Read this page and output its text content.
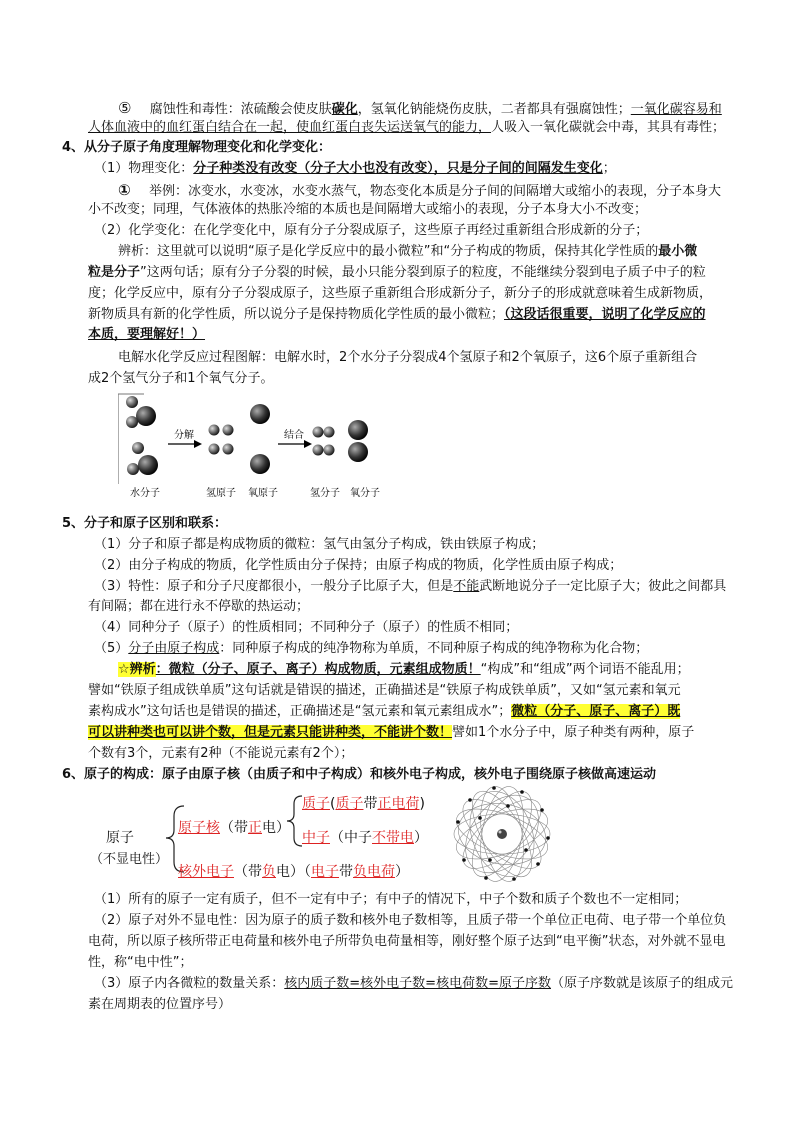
⑤ 腐蚀性和毒性：浓硫酸会使皮肤碳化，氢氧化钠能烧伤皮肤，二者都具有强腐蚀性；一氧化碳容易和
人体血液中的血红蛋白结合在一起，使血红蛋白丧失运送氧气的能力，人吸入一氧化碳就会中毒，其具有毒性；
4、从分子原子角度理解物理变化和化学变化：
（1）物理变化：分子种类没有改变（分子大小也没有改变），只是分子间的间隔发生变化；
① 举例：冰变水，水变冰，水变水蒸气，物态变化本质是分子间的间隔增大或缩小的表现，分子本身大
小不改变；同理，气体液体的热胀冷缩的本质也是间隔增大或缩小的表现，分子本身大小不改变；
（2）化学变化：在化学变化中，原有分子分裂成原子，这些原子再经过重新组合形成新的分子；
辨析：这里就可以说明“原子是化学反应中的最小微粒”和“分子构成的物质，保持其化学性质的最小微
粒是分子”这两句话；原有分子分裂的时候，最小只能分裂到原子的粒度，不能继续分裂到电子质子中子的粒
度；化学反应中，原有分子分裂成原子，这些原子重新组合形成新分子，新分子的形成就意味着生成新物质，
新物质具有新的化学性质，所以说分子是保持物质化学性质的最小微粒；（这段话很重要，说明了化学反应的
本质，要理解好！）
电解水化学反应过程图解：电解水时，2个水分子分裂成4个氢原子和2个氧原子，这6个原子重新组合
成2个氢气分子和1个氧气分子。
分解	结合
水分子	氢原子 氧原子	氢分子 氧分子
5、分子和原子区别和联系：
（1）分子和原子都是构成物质的微粒：氢气由氢分子构成，铁由铁原子构成；
（2）由分子构成的物质，化学性质由分子保持；由原子构成的物质，化学性质由原子构成；
（3）特性：原子和分子尺度都很小，一般分子比原子大，但是不能武断地说分子一定比原子大；彼此之间都具
有间隔；都在进行永不停歇的热运动；
（4）同种分子（原子）的性质相同；不同种分子（原子）的性质不相同；
（5）分子由原子构成：同种原子构成的纯净物称为单质，不同种原子构成的纯净物称为化合物；
☆辨析：微粒（分子、原子、离子）构成物质，元素组成物质！“构成”和“组成”两个词语不能乱用；
譬如“铁原子组成铁单质”这句话就是错误的描述，正确描述是“铁原子构成铁单质”，又如“氢元素和氧元
素构成水”这句话也是错误的描述，正确描述是“氢元素和氧元素组成水”；微粒（分子、原子、离子）既
可以讲种类也可以讲个数，但是元素只能讲种类，不能讲个数！譬如1个水分子中，原子种类有两种，原子
个数有3个，元素有2种（不能说元素有2个）；
6、原子的构成：原子由原子核（由质子和中子构成）和核外电子构成，核外电子围绕原子核做高速运动
原子
（不显电性）
原子核（带正电）
质子(质子带正电荷)
中子（中子不带电）
核外电子（带负电）（电子带负电荷）
（1）所有的原子一定有质子，但不一定有中子；有中子的情况下，中子个数和质子个数也不一定相同；
（2）原子对外不显电性：因为原子的质子数和核外电子数相等，且质子带一个单位正电荷、电子带一个单位负
电荷，所以原子核所带正电荷量和核外电子所带负电荷量相等，刚好整个原子达到“电平衡”状态，对外就不显电
性，称“电中性”；
（3）原子内各微粒的数量关系：核内质子数=核外电子数=核电荷数=原子序数（原子序数就是该原子的组成元
素在周期表的位置序号）
